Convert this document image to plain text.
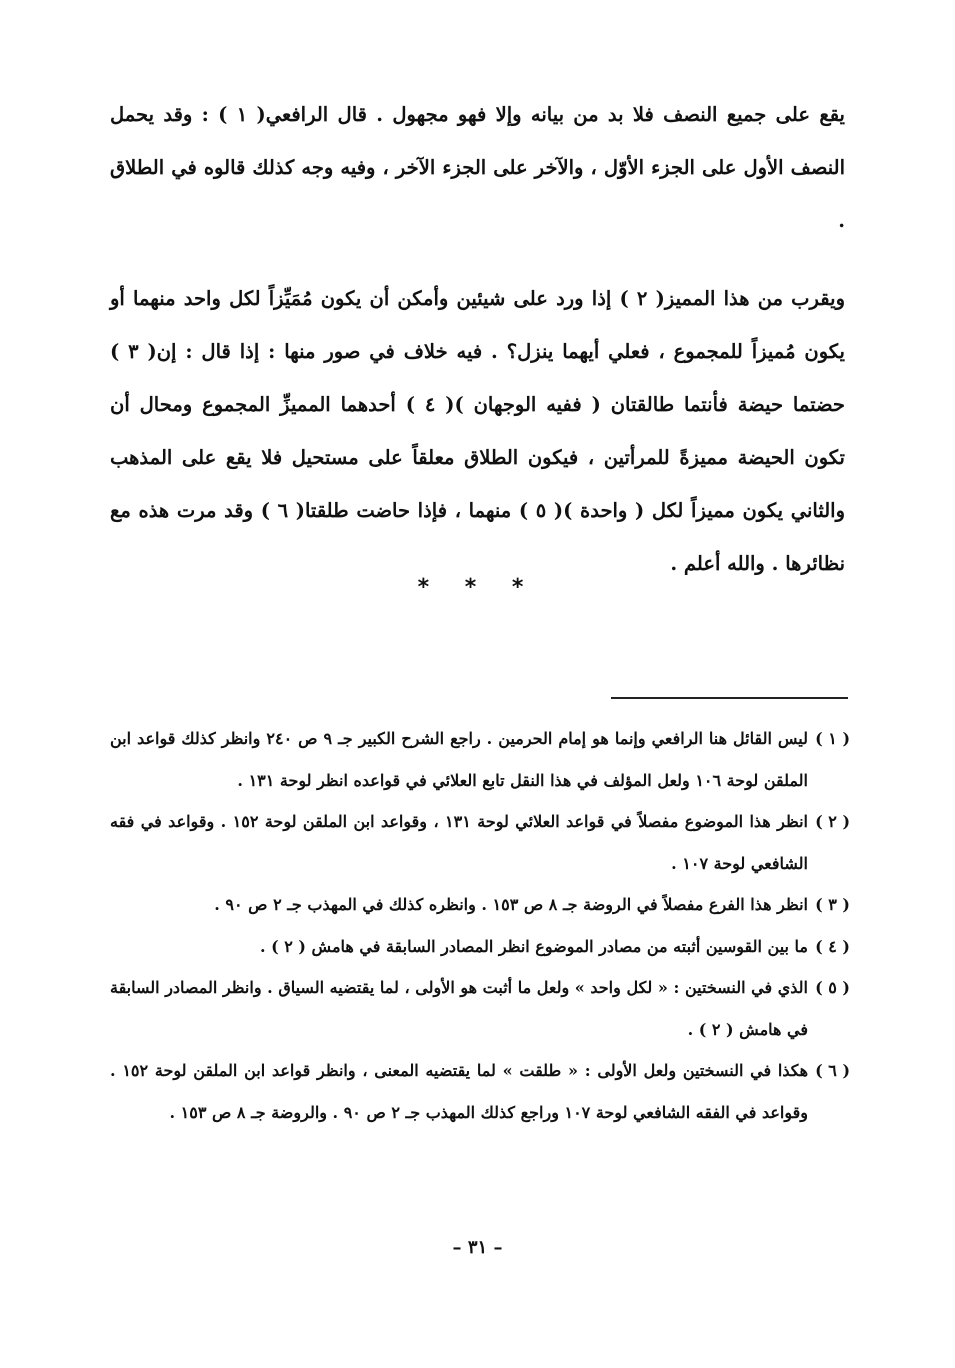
يقع على جميع النصف فلا بد من بيانه وإلا فهو مجهول . قال الرافعي( ١ ) : وقد يحمل النصف الأول على الجزء الأوّل ، والآخر على الجزء الآخر ، وفيه وجه كذلك قالوه في الطلاق .

ويقرب من هذا المميز( ٢ ) إذا ورد على شيئين وأمكن أن يكون مُمَيِّزاً لكل واحد منهما أو يكون مُميزاً للمجموع ، فعلي أيهما ينزل؟ . فيه خلاف في صور منها : إذا قال : إن( ٣ ) حضتما حيضة فأنتما طالقتان ( ففيه الوجهان )( ٤ ) أحدهما المميزِّ المجموع ومحال أن تكون الحيضة مميزةً للمرأتين ، فيكون الطلاق معلقاً على مستحيل فلا يقع على المذهب والثاني يكون مميزاً لكل ( واحدة )( ٥ ) منهما ، فإذا حاضت طلقتا( ٦ ) وقد مرت هذه مع نظائرها . والله أعلم .

* * *
( ١ )ليس القائل هنا الرافعي وإنما هو إمام الحرمين . راجع الشرح الكبير جـ ٩ ص ٢٤٠ وانظر كذلك قواعد ابن الملقن لوحة ١٠٦ ولعل المؤلف في هذا النقل تابع العلائي في قواعده انظر لوحة ١٣١ .
( ٢ )انظر هذا الموضوع مفصلاً في قواعد العلائي لوحة ١٣١ ، وقواعد ابن الملقن لوحة ١٥٢ . وقواعد في فقه الشافعي لوحة ١٠٧ .
( ٣ )انظر هذا الفرع مفصلاً في الروضة جـ ٨ ص ١٥٣ . وانظره كذلك في المهذب جـ ٢ ص ٩٠ .
( ٤ )ما بين القوسين أثبته من مصادر الموضوع انظر المصادر السابقة في هامش ( ٢ ) .
( ٥ )الذي في النسختين : « لكل واحد » ولعل ما أثبت هو الأولى ، لما يقتضيه السياق . وانظر المصادر السابقة في هامش ( ٢ ) .
( ٦ )هكذا في النسختين ولعل الأولى : « طلقت » لما يقتضيه المعنى ، وانظر قواعد ابن الملقن لوحة ١٥٢ . وقواعد في الفقه الشافعي لوحة ١٠٧ وراجع كذلك المهذب جـ ٢ ص ٩٠ . والروضة جـ ٨ ص ١٥٣ .
– ٣١ –
